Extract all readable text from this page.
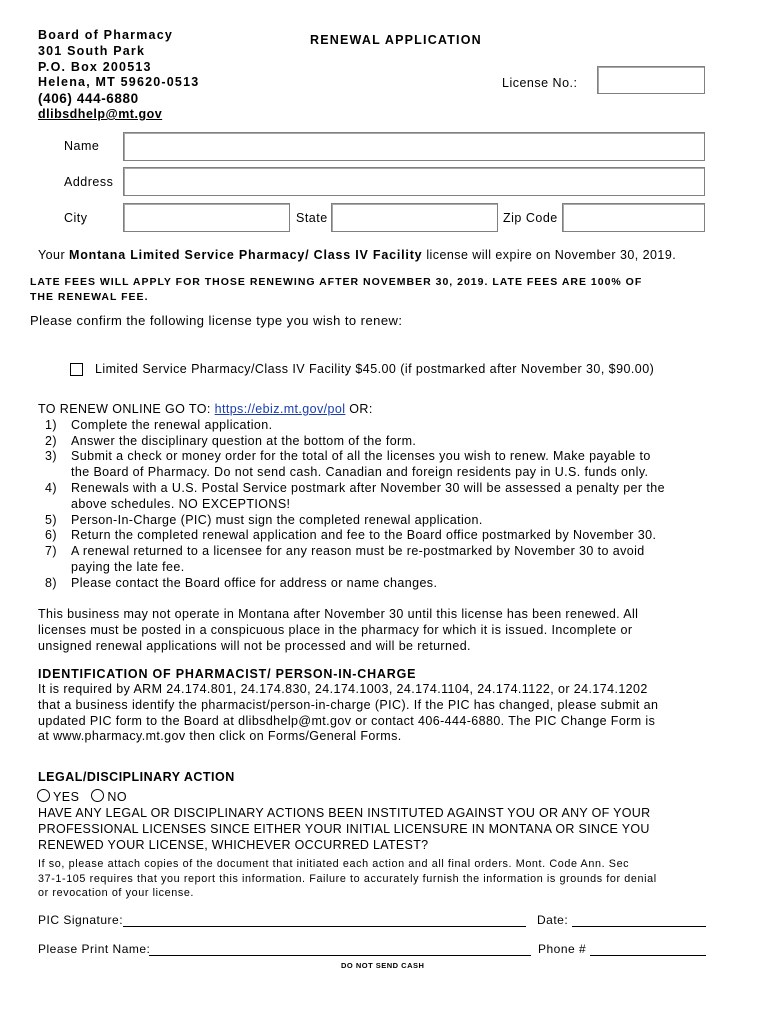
Board of Pharmacy
301 South Park
P.O. Box 200513
Helena, MT 59620-0513
(406) 444-6880
dlibsdhelp@mt.gov
RENEWAL APPLICATION
License No.:
Name
Address
City	State	Zip Code
Your Montana Limited Service Pharmacy/ Class IV Facility license will expire on November 30, 2019.
LATE FEES WILL APPLY FOR THOSE RENEWING AFTER NOVEMBER 30, 2019. LATE FEES ARE 100% OF
THE RENEWAL FEE.
Please confirm the following license type you wish to renew:
Limited Service Pharmacy/Class IV Facility $45.00 (if postmarked after November 30, $90.00)
TO RENEW ONLINE GO TO: https://ebiz.mt.gov/pol OR:
1) Complete the renewal application.
2) Answer the disciplinary question at the bottom of the form.
3) Submit a check or money order for the total of all the licenses you wish to renew. Make payable to
the Board of Pharmacy. Do not send cash. Canadian and foreign residents pay in U.S. funds only.
4) Renewals with a U.S. Postal Service postmark after November 30 will be assessed a penalty per the
above schedules. NO EXCEPTIONS!
5) Person-In-Charge (PIC) must sign the completed renewal application.
6) Return the completed renewal application and fee to the Board office postmarked by November 30.
7) A renewal returned to a licensee for any reason must be re-postmarked by November 30 to avoid
paying the late fee.
8) Please contact the Board office for address or name changes.
This business may not operate in Montana after November 30 until this license has been renewed. All
licenses must be posted in a conspicuous place in the pharmacy for which it is issued. Incomplete or
unsigned renewal applications will not be processed and will be returned.
IDENTIFICATION OF PHARMACIST/ PERSON-IN-CHARGE
It is required by ARM 24.174.801, 24.174.830, 24.174.1003, 24.174.1104, 24.174.1122, or 24.174.1202
that a business identify the pharmacist/person-in-charge (PIC). If the PIC has changed, please submit an
updated PIC form to the Board at dlibsdhelp@mt.gov or contact 406-444-6880. The PIC Change Form is
at www.pharmacy.mt.gov then click on Forms/General Forms.
LEGAL/DISCIPLINARY ACTION
YES NO
HAVE ANY LEGAL OR DISCIPLINARY ACTIONS BEEN INSTITUTED AGAINST YOU OR ANY OF YOUR
PROFESSIONAL LICENSES SINCE EITHER YOUR INITIAL LICENSURE IN MONTANA OR SINCE YOU
RENEWED YOUR LICENSE, WHICHEVER OCCURRED LATEST?
If so, please attach copies of the document that initiated each action and all final orders. Mont. Code Ann. Sec
37-1-105 requires that you report this information. Failure to accurately furnish the information is grounds for denial
or revocation of your license.
PIC Signature:	Date:
Please Print Name:	Phone #
DO NOT SEND CASH
